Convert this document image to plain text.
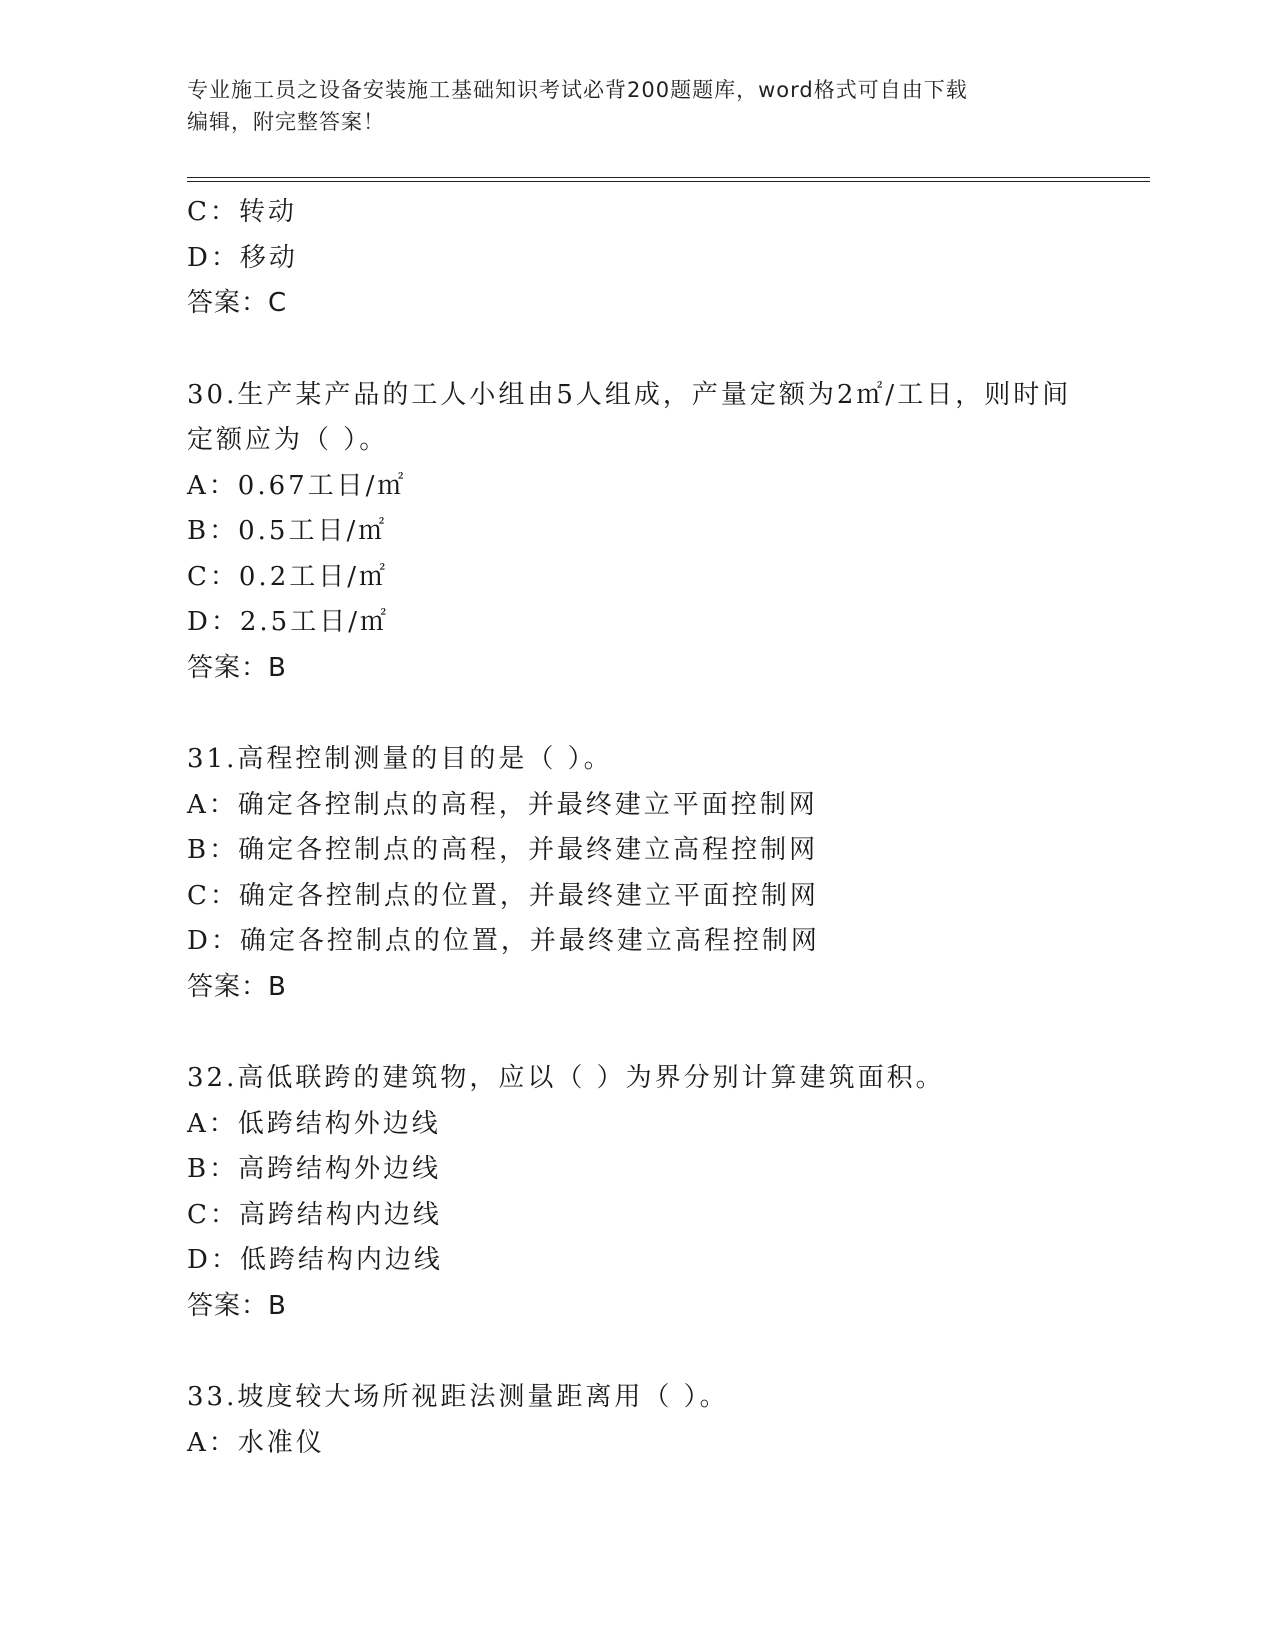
专业施工员之设备安装施工基础知识考试必背200题题库，word格式可自由下载
编辑，附完整答案！
C：转动
D：移动
答案：C
30.生产某产品的工人小组由5人组成，产量定额为2㎡/工日，则时间
定额应为（ ）。
A：0.67工日/㎡
B：0.5工日/㎡
C：0.2工日/㎡
D：2.5工日/㎡
答案：B
31.高程控制测量的目的是（ ）。
A：确定各控制点的高程，并最终建立平面控制网
B：确定各控制点的高程，并最终建立高程控制网
C：确定各控制点的位置，并最终建立平面控制网
D：确定各控制点的位置，并最终建立高程控制网
答案：B
32.高低联跨的建筑物，应以（ ）为界分别计算建筑面积。
A：低跨结构外边线
B：高跨结构外边线
C：高跨结构内边线
D：低跨结构内边线
答案：B
33.坡度较大场所视距法测量距离用（ ）。
A：水准仪
